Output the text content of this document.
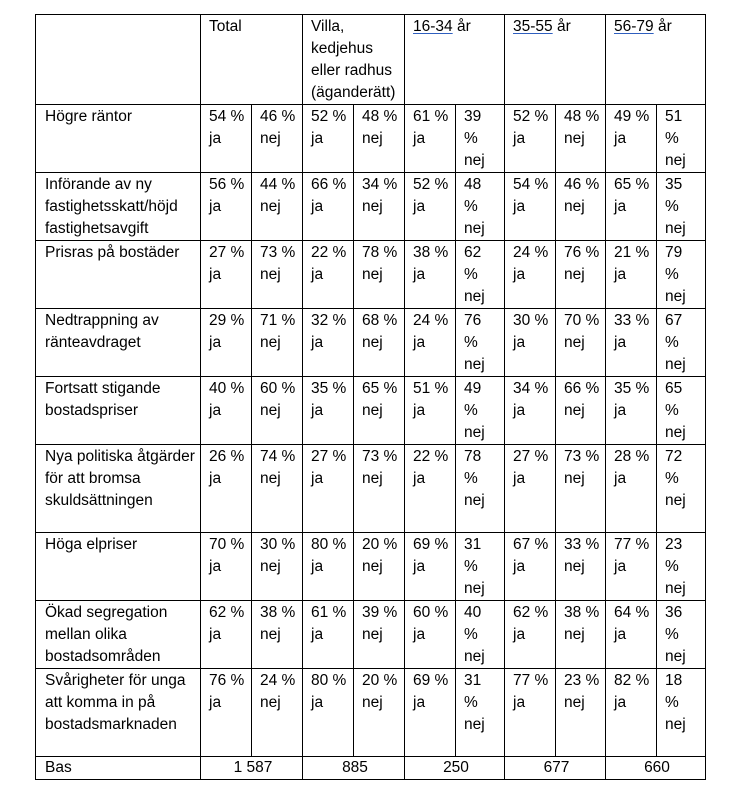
	Total		Villa, kedjehus eller radhus (äganderätt)		16-34 år		35-55 år		56-79 år	
Högre räntor	54 % ja	46 % nej	52 % ja	48 % nej	61 % ja	39 % nej	52 % ja	48 % nej	49 % ja	51 % nej
Införande av ny fastighetsskatt/höjd fastighetsavgift	56 % ja	44 % nej	66 % ja	34 % nej	52 % ja	48 % nej	54 % ja	46 % nej	65 % ja	35 % nej
Prisras på bostäder	27 % ja	73 % nej	22 % ja	78 % nej	38 % ja	62 % nej	24 % ja	76 % nej	21 % ja	79 % nej
Nedtrappning av ränteavdraget	29 % ja	71 % nej	32 % ja	68 % nej	24 % ja	76 % nej	30 % ja	70 % nej	33 % ja	67 % nej
Fortsatt stigande bostadspriser	40 % ja	60 % nej	35 % ja	65 % nej	51 % ja	49 % nej	34 % ja	66 % nej	35 % ja	65 % nej
Nya politiska åtgärder för att bromsa skuldsättningen	26 % ja	74 % nej	27 % ja	73 % nej	22 % ja	78 % nej	27 % ja	73 % nej	28 % ja	72 % nej
Höga elpriser	70 % ja	30 % nej	80 % ja	20 % nej	69 % ja	31 % nej	67 % ja	33 % nej	77 % ja	23 % nej
Ökad segregation mellan olika bostadsområden	62 % ja	38 % nej	61 % ja	39 % nej	60 % ja	40 % nej	62 % ja	38 % nej	64 % ja	36 % nej
Svårigheter för unga att komma in på bostadsmarknaden	76 % ja	24 % nej	80 % ja	20 % nej	69 % ja	31 % nej	77 % ja	23 % nej	82 % ja	18 % nej
Bas	1 587		885		250		677		660	
